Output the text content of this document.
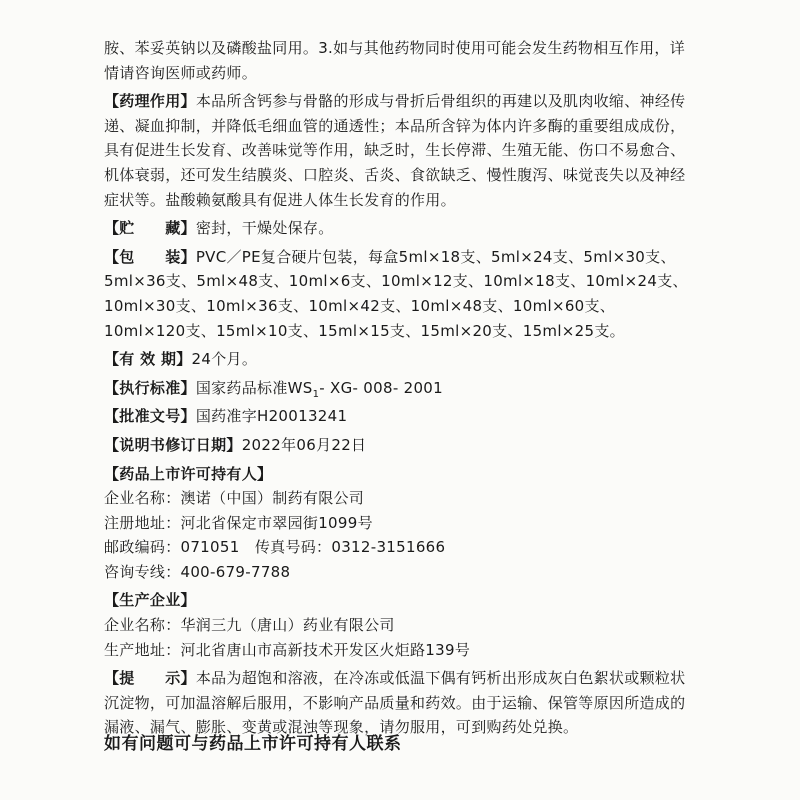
胺、苯妥英钠以及磷酸盐同用。3.如与其他药物同时使用可能会发生药物相互作用，详情请咨询医师或药师。

【药理作用】本品所含钙参与骨骼的形成与骨折后骨组织的再建以及肌肉收缩、神经传递、凝血抑制，并降低毛细血管的通透性；本品所含锌为体内许多酶的重要组成成份，具有促进生长发育、改善味觉等作用，缺乏时，生长停滞、生殖无能、伤口不易愈合、机体衰弱，还可发生结膜炎、口腔炎、舌炎、食欲缺乏、慢性腹泻、味觉丧失以及神经症状等。盐酸赖氨酸具有促进人体生长发育的作用。

【贮　　藏】密封，干燥处保存。

【包　　装】PVC／PE复合硬片包装，每盒5ml×18支、5ml×24支、5ml×30支、5ml×36支、5ml×48支、10ml×6支、10ml×12支、10ml×18支、10ml×24支、10ml×30支、10ml×36支、10ml×42支、10ml×48支、10ml×60支、10ml×120支、15ml×10支、15ml×15支、15ml×20支、15ml×25支。

【有 效 期】24个月。

【执行标准】国家药品标准$WS_1-$ XG- 008- 2001

【批准文号】国药准字H20013241

【说明书修订日期】2022年06月22日

【药品上市许可持有人】
企业名称：澳诺（中国）制药有限公司
注册地址：河北省保定市翠园街1099号
邮政编码：071051　传真号码：0312-3151666
咨询专线：400-679-7788
【生产企业】
企业名称：华润三九（唐山）药业有限公司
生产地址：河北省唐山市高新技术开发区火炬路139号

【提　　示】本品为超饱和溶液，在冷冻或低温下偶有钙析出形成灰白色絮状或颗粒状沉淀物，可加温溶解后服用，不影响产品质量和药效。由于运输、保管等原因所造成的漏液、漏气、膨胀、变黄或混浊等现象，请勿服用，可到购药处兑换。

如有问题可与药品上市许可持有人联系
